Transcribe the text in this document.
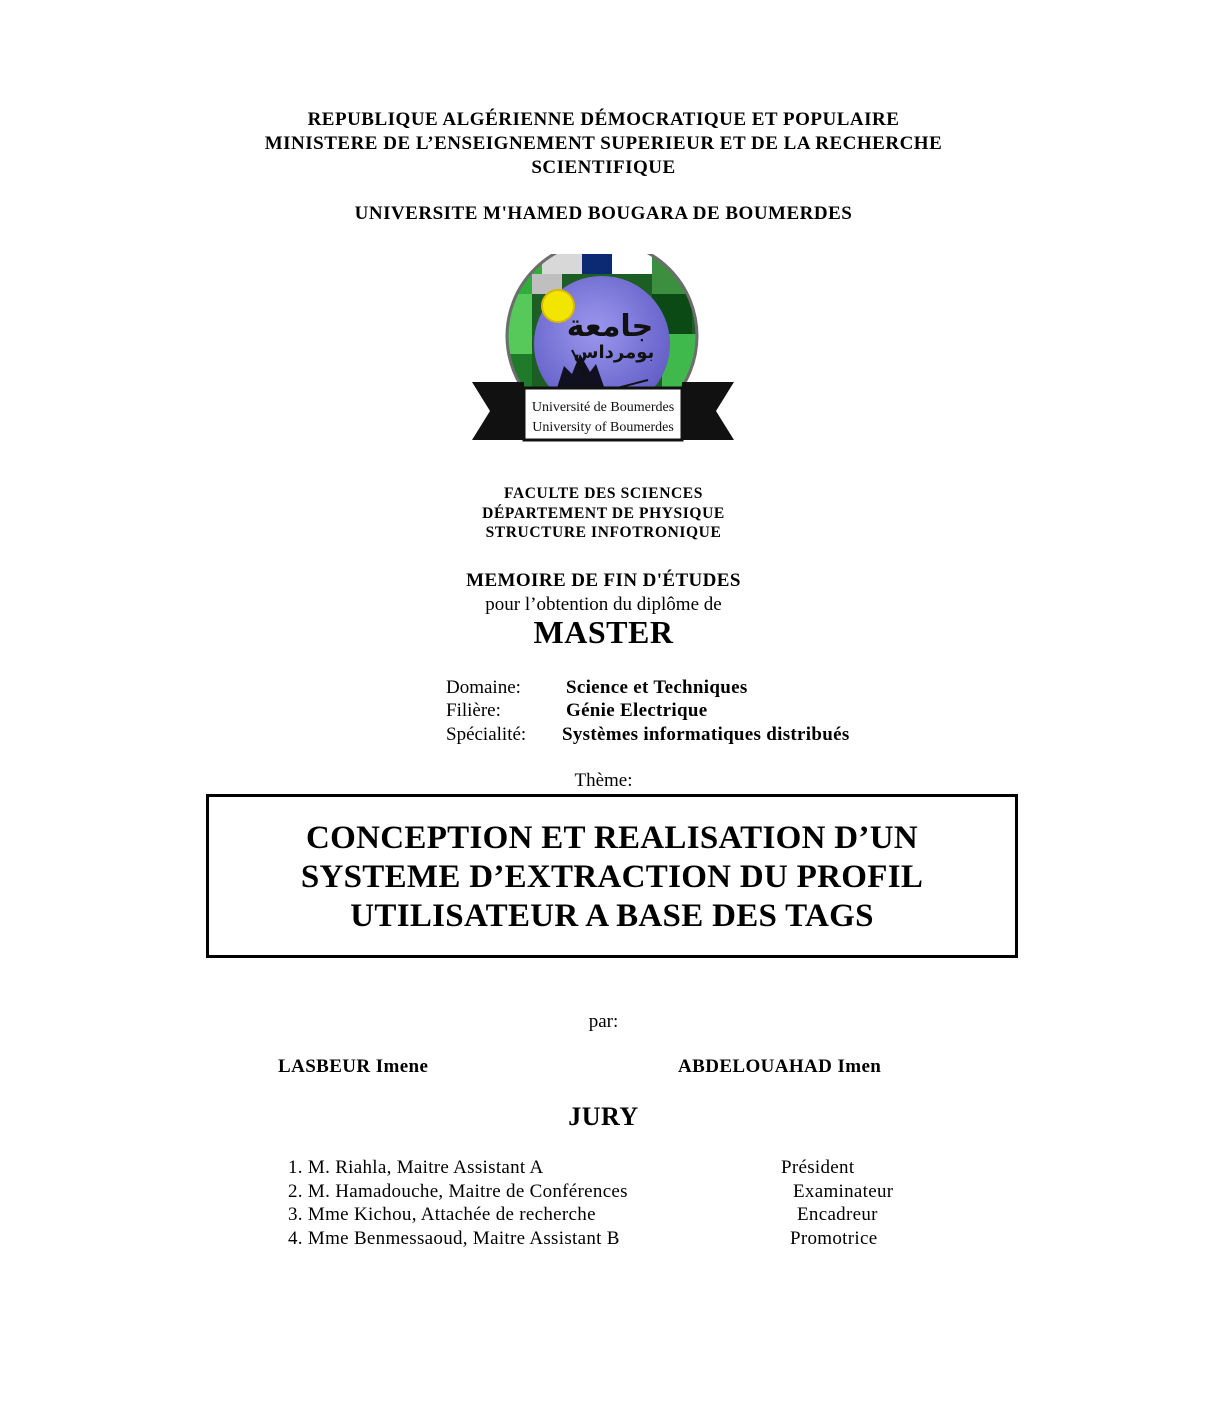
REPUBLIQUE ALGÉRIENNE DÉMOCRATIQUE ET POPULAIRE
MINISTERE DE L’ENSEIGNEMENT SUPERIEUR ET DE LA RECHERCHE
SCIENTIFIQUE
UNIVERSITE M'HAMED BOUGARA DE BOUMERDES
جامعة
بومرداس
Université de Boumerdes
University of Boumerdes
FACULTE DES SCIENCES
DÉPARTEMENT DE PHYSIQUE
STRUCTURE INFOTRONIQUE
MEMOIRE DE FIN D'ÉTUDES
pour l’obtention du diplôme de
MASTER
Domaine: Science et Techniques
Filière:	Génie Electrique
Spécialité: Systèmes informatiques distribués
Thème:
CONCEPTION ET REALISATION D’UN
SYSTEME D’EXTRACTION DU PROFIL
UTILISATEUR A BASE DES TAGS
par:
LASBEUR Imene	ABDELOUAHAD Imen
JURY
1. M. Riahla, Maitre Assistant A	Président
2. M. Hamadouche, Maitre de Conférences	Examinateur
3. Mme Kichou, Attachée de recherche	Encadreur
4. Mme Benmessaoud, Maitre Assistant B	Promotrice
